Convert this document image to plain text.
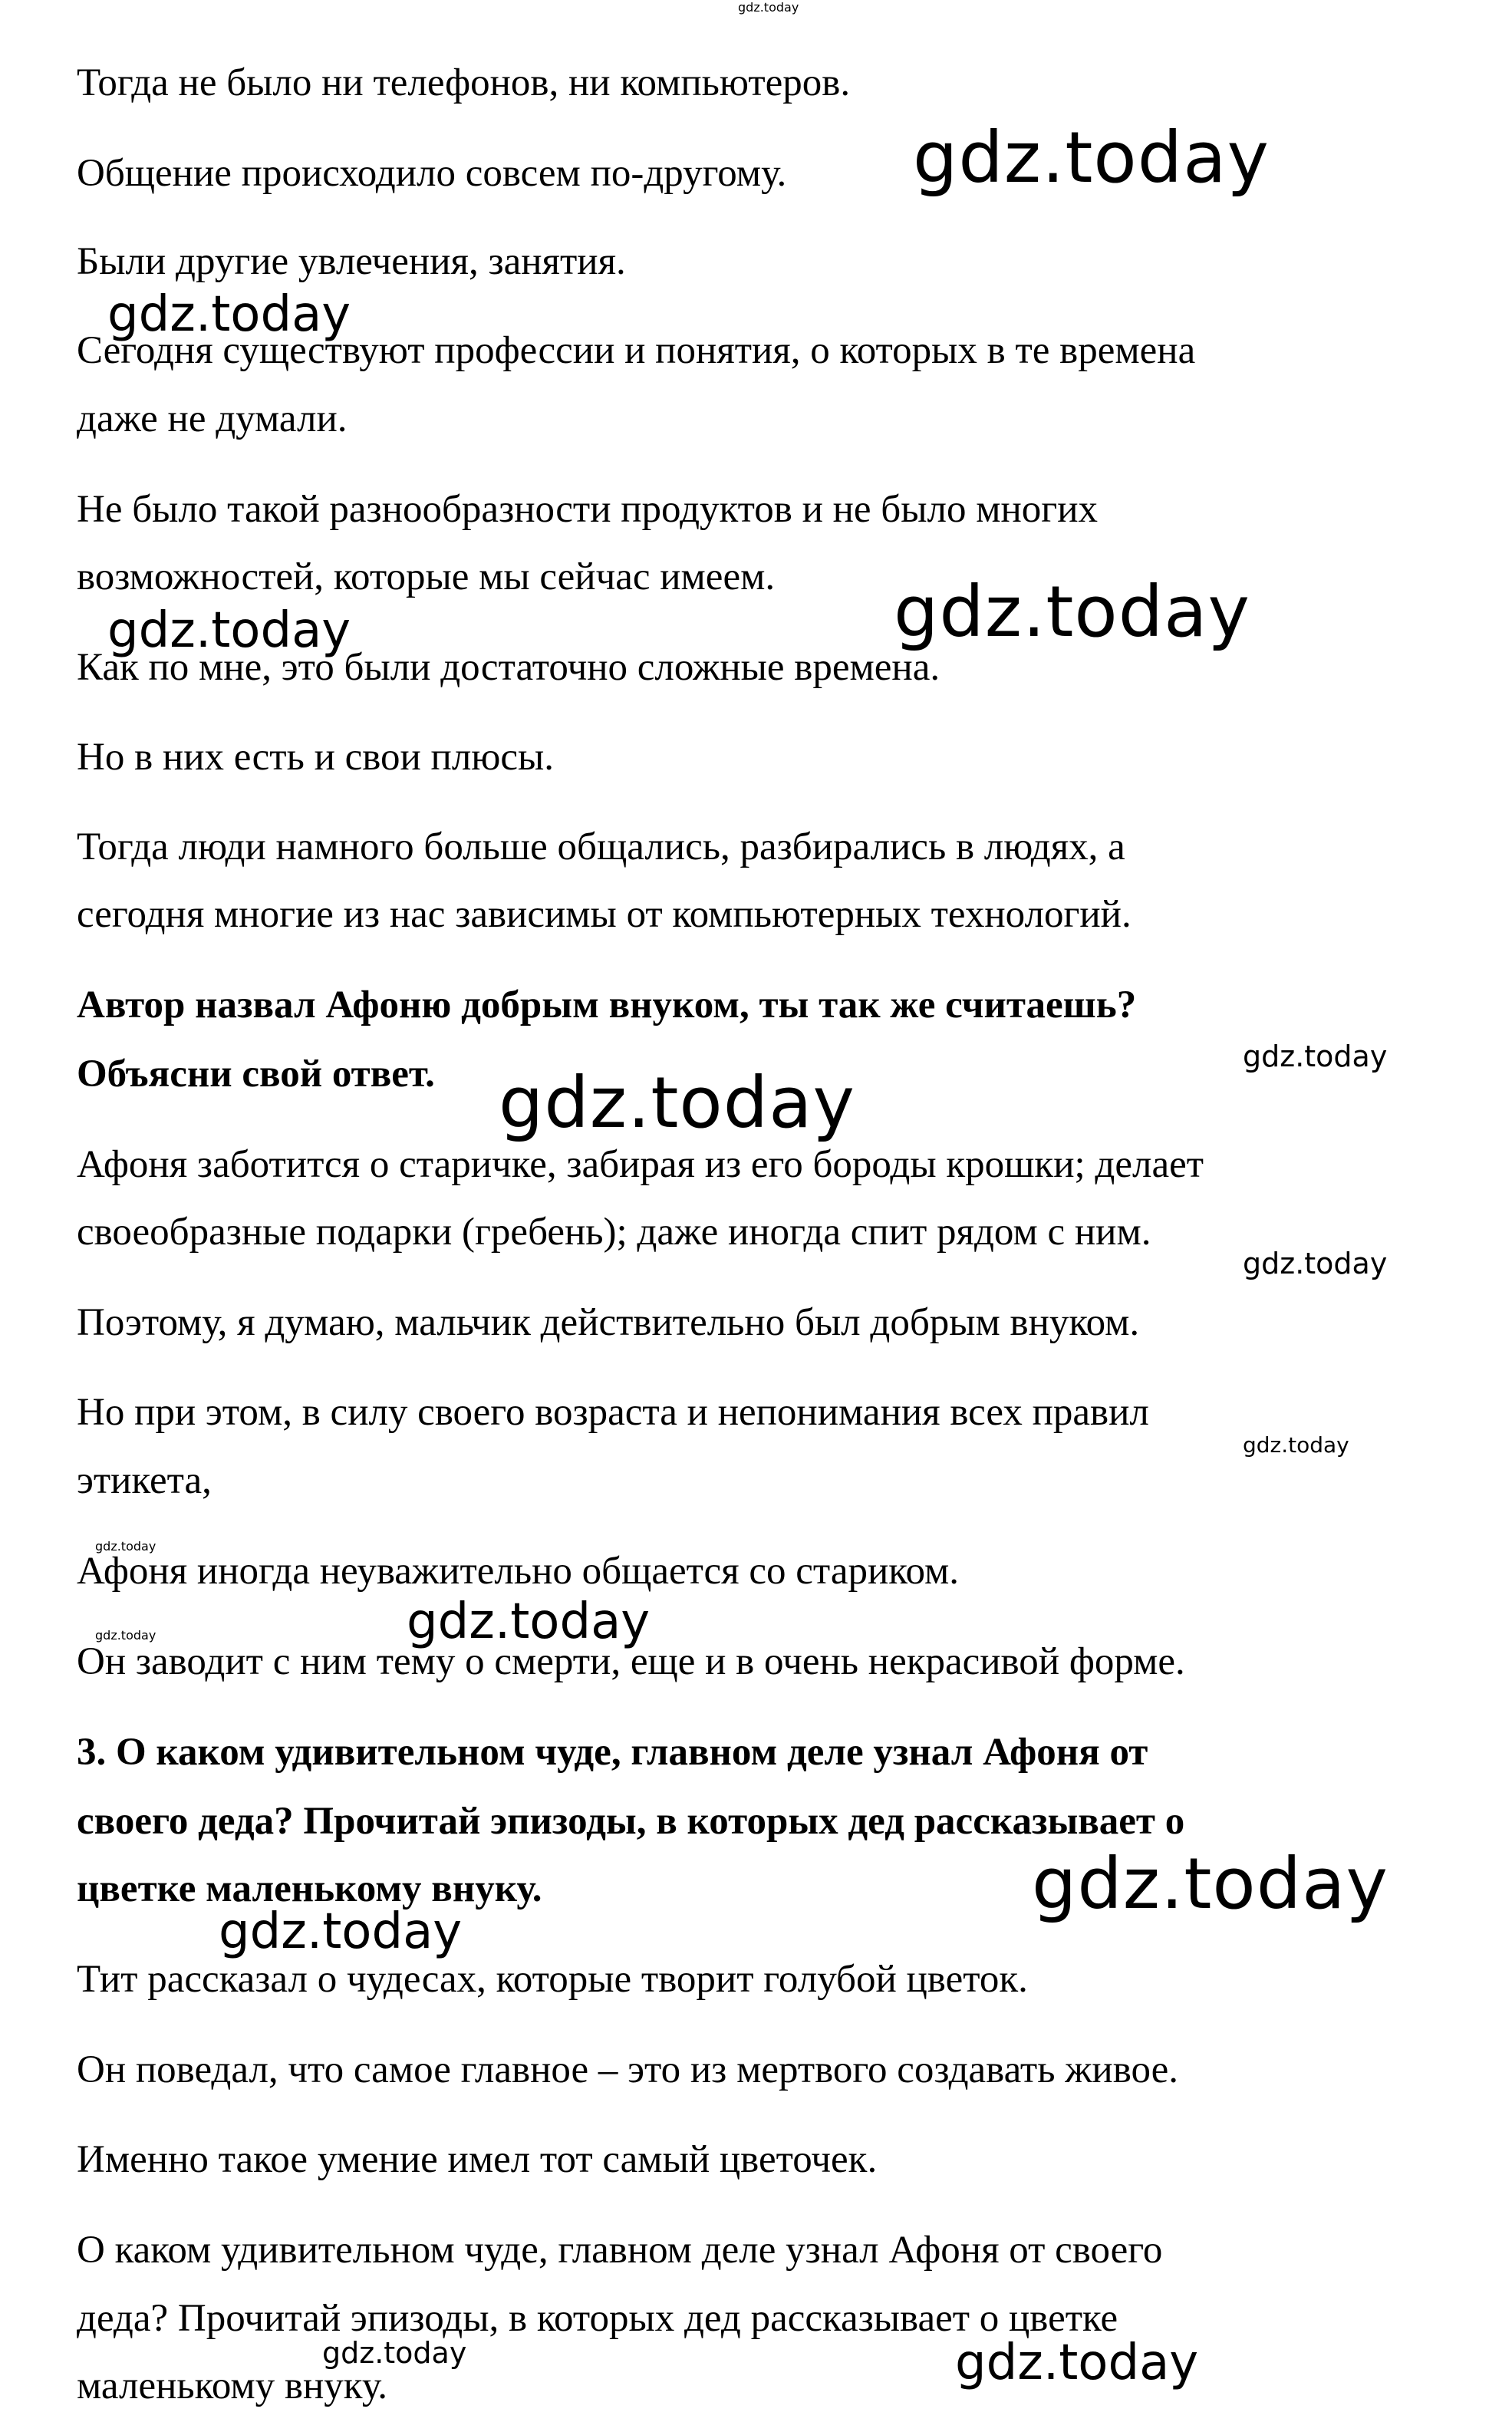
Тогда не было ни телефонов, ни компьютеров.

Общение происходило совсем по-другому.

Были другие увлечения, занятия.

Сегодня существуют профессии и понятия, о которых в те времена

даже не думали.

Не было такой разнообразности продуктов и не было многих

возможностей, которые мы сейчас имеем.

Как по мне, это были достаточно сложные времена.

Но в них есть и свои плюсы.

Тогда люди намного больше общались, разбирались в людях, а

сегодня многие из нас зависимы от компьютерных технологий.

Автор назвал Афоню добрым внуком, ты так же считаешь?

Объясни свой ответ.

Афоня заботится о старичке, забирая из его бороды крошки; делает

своеобразные подарки (гребень); даже иногда спит рядом с ним.

Поэтому, я думаю, мальчик действительно был добрым внуком.

Но при этом, в силу своего возраста и непонимания всех правил

этикета,

Афоня иногда неуважительно общается со стариком.

Он заводит с ним тему о смерти, еще и в очень некрасивой форме.

3. О каком удивительном чуде, главном деле узнал Афоня от

своего деда? Прочитай эпизоды, в которых дед рассказывает о

цветке маленькому внуку.

Тит рассказал о чудесах, которые творит голубой цветок.

Он поведал, что самое главное – это из мертвого создавать живое.

Именно такое умение имел тот самый цветочек.

О каком удивительном чуде, главном деле узнал Афоня от своего

деда? Прочитай эпизоды, в которых дед рассказывает о цветке

маленькому внуку.

gdz.today
gdz.today
gdz.today
gdz.today
gdz.today
gdz.today
gdz.today
gdz.today
gdz.today
gdz.today
gdz.today
gdz.today
gdz.today
gdz.today
gdz.today	gdz.today
